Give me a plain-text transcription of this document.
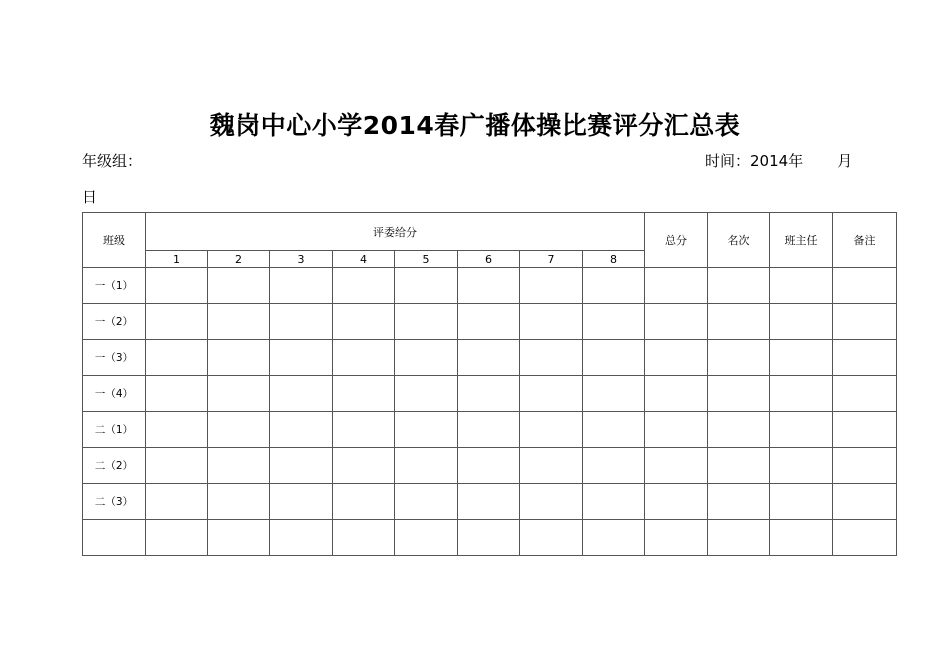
魏岗中心小学2014春广播体操比赛评分汇总表
年级组：	时间：2014年 月
日
班级	评委给分								总分	名次	班主任	备注
	1	2	3	4	5	6	7	8				
一（1）												
一（2）												
一（3）												
一（4）												
二（1）												
二（2）												
二（3）												
